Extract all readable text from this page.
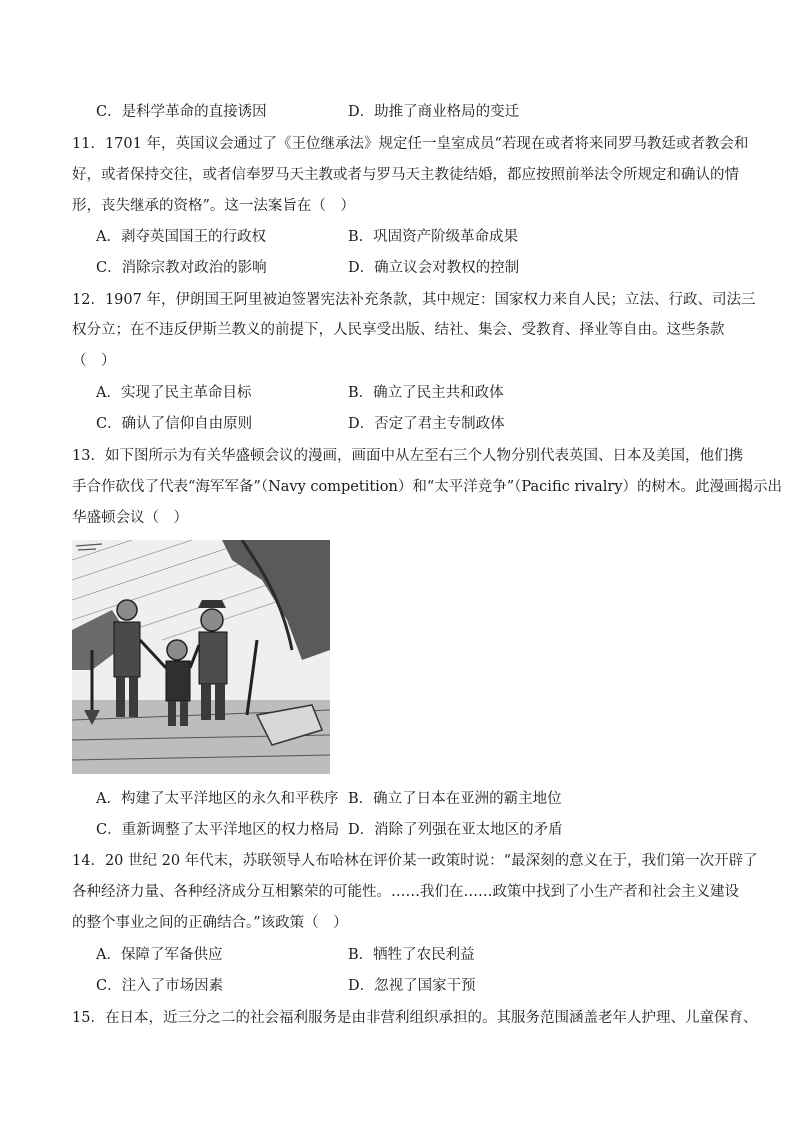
C．是科学革命的直接诱因	D．助推了商业格局的变迁
11．1701 年，英国议会通过了《王位继承法》规定任一皇室成员“若现在或者将来同罗马教廷或者教会和
好，或者保持交往，或者信奉罗马天主教或者与罗马天主教徒结婚，都应按照前举法令所规定和确认的情
形，丧失继承的资格”。这一法案旨在（　）
A．剥夺英国国王的行政权	B．巩固资产阶级革命成果
C．消除宗教对政治的影响	D．确立议会对教权的控制
12．1907 年，伊朗国王阿里被迫签署宪法补充条款，其中规定：国家权力来自人民；立法、行政、司法三
权分立；在不违反伊斯兰教义的前提下，人民享受出版、结社、集会、受教育、择业等自由。这些条款
（　）
A．实现了民主革命目标	B．确立了民主共和政体
C．确认了信仰自由原则	D．否定了君主专制政体
13．如下图所示为有关华盛顿会议的漫画，画面中从左至右三个人物分别代表英国、日本及美国，他们携
手合作砍伐了代表“海军军备”（Navy competition）和“太平洋竞争”（Pacific rivalry）的树木。此漫画揭示出
华盛顿会议（　）
A．构建了太平洋地区的永久和平秩序 B．确立了日本在亚洲的霸主地位
C．重新调整了太平洋地区的权力格局 D．消除了列强在亚太地区的矛盾
14．20 世纪 20 年代末，苏联领导人布哈林在评价某一政策时说：“最深刻的意义在于，我们第一次开辟了
各种经济力量、各种经济成分互相繁荣的可能性。……我们在……政策中找到了小生产者和社会主义建设
的整个事业之间的正确结合。”该政策（　）
A．保障了军备供应	B．牺牲了农民利益
C．注入了市场因素	D．忽视了国家干预
15．在日本，近三分之二的社会福利服务是由非营利组织承担的。其服务范围涵盖老年人护理、儿童保育、
